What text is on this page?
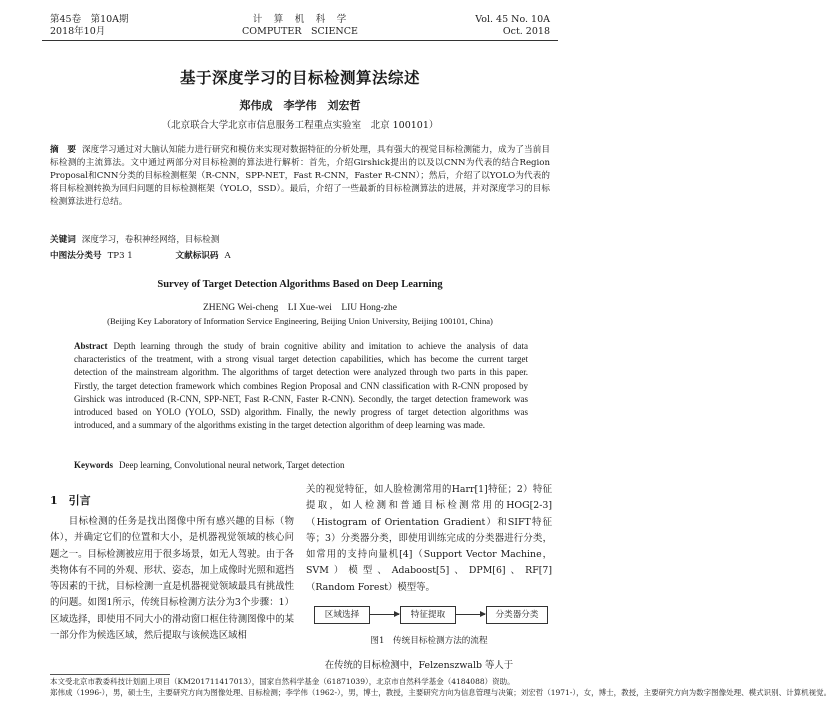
第45卷　第10A期
2018年10月
计　算　机　科　学
COMPUTER　SCIENCE
Vol. 45 No. 10A
Oct. 2018
基于深度学习的目标检测算法综述
郑伟成　李学伟　刘宏哲
（北京联合大学北京市信息服务工程重点实验室　北京 100101）
摘　要 深度学习通过对大脑认知能力进行研究和模仿来实现对数据特征的分析处理，具有强大的视觉目标检测能力，成为了当前目标检测的主流算法。文中通过两部分对目标检测的算法进行解析：首先，介绍Girshick提出的以及以CNN为代表的结合Region Proposal和CNN分类的目标检测框架（R-CNN，SPP-NET，Fast R-CNN，Faster R-CNN）；然后，介绍了以YOLO为代表的将目标检测转换为回归问题的目标检测框架（YOLO，SSD）。最后，介绍了一些最新的目标检测算法的进展，并对深度学习的目标检测算法进行总结。
关键词 深度学习，卷积神经网络，目标检测
中图法分类号 TP3 1	文献标识码 A
Survey of Target Detection Algorithms Based on Deep Learning
ZHENG Wei-cheng　LI Xue-wei　LIU Hong-zhe
(Beijing Key Laboratory of Information Service Engineering, Beijing Union University, Beijing 100101, China)
Abstract Depth learning through the study of brain cognitive ability and imitation to achieve the analysis of data characteristics of the treatment, with a strong visual target detection capabilities, which has become the current target detection of the mainstream algorithm. The algorithms of target detection were analyzed through two parts in this paper. Firstly, the target detection framework which combines Region Proposal and CNN classification with R-CNN proposed by Girshick was introduced (R-CNN, SPP-NET, Fast R-CNN, Faster R-CNN). Secondly, the target detection framework was introduced based on YOLO (YOLO, SSD) algorithm. Finally, the newly progress of target detection algorithms was introduced, and a summary of the algorithms existing in the target detection algorithm of deep learning was made.
Keywords Deep learning, Convolutional neural network, Target detection
1　引言
目标检测的任务是找出图像中所有感兴趣的目标（物体），并确定它们的位置和大小，是机器视觉领域的核心问题之一。目标检测被应用于很多场景，如无人驾驶。由于各类物体有不同的外观、形状、姿态，加上成像时光照和遮挡等因素的干扰，目标检测一直是机器视觉领域最具有挑战性的问题。如图1所示，传统目标检测方法分为3个步骤：1）区域选择，即使用不同大小的滑动窗口框住待测图像中的某一部分作为候选区域，然后提取与该候选区域相
关的视觉特征，如人脸检测常用的Harr[1]特征；2）特征提取，如人检测和普通目标检测常用的HOG[2-3]（Histogram of Orientation Gradient）和SIFT特征等；3）分类器分类，即使用训练完成的分类器进行分类，如常用的支持向量机[4]（Support Vector Machine，SVM）模型、Adaboost[5]、DPM[6]、RF[7]（Random Forest）模型等。
区域选择	特征提取	分类器分类
图1　传统目标检测方法的流程
在传统的目标检测中，Felzenszwalb 等人于
本文受北京市教委科技计划面上项目（KM201711417013），国家自然科学基金（61871039），北京市自然科学基金（4184088）资助。
郑伟成（1996-），男，硕士生，主要研究方向为图像处理、目标检测；李学伟（1962-），男，博士，教授，主要研究方向为信息管理与决策；刘宏哲（1971-），女，博士，教授，主要研究方向为数字图像处理、模式识别、计算机视觉。
